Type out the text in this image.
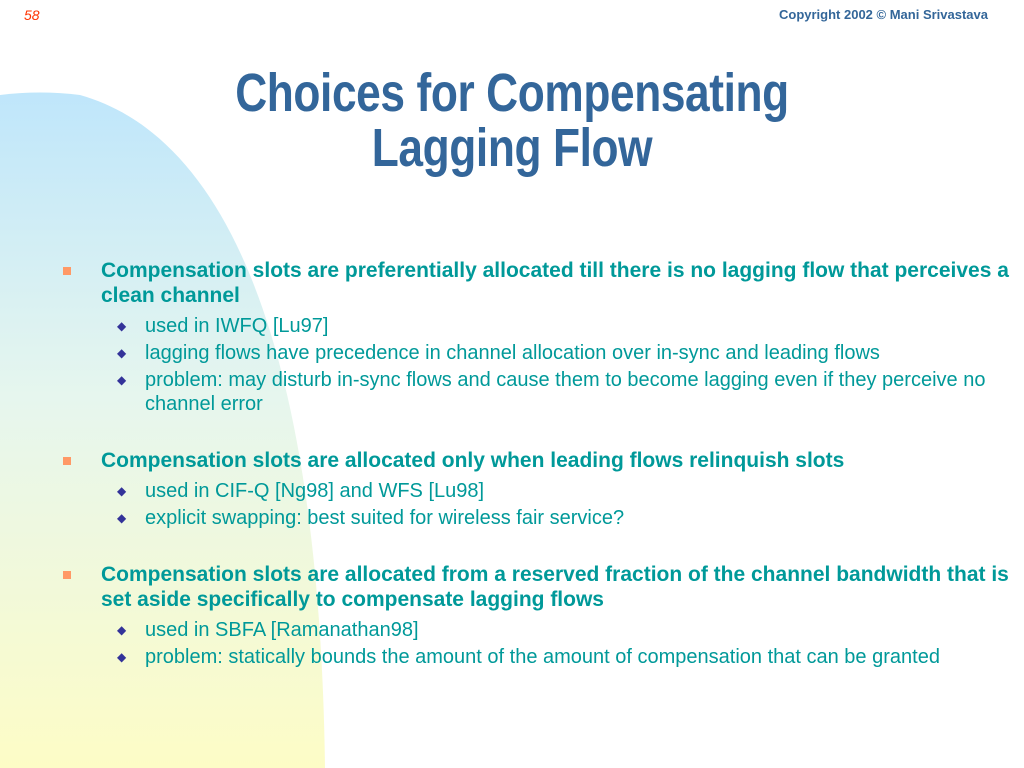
58	Copyright 2002 © Mani Srivastava
Choices for Compensating
Lagging Flow
Compensation slots are preferentially allocated till there is no lagging flow that perceives a clean channel
◆ used in IWFQ [Lu97]
◆ lagging flows have precedence in channel allocation over in-sync and leading flows
◆ problem: may disturb in-sync flows and cause them to become lagging even if they perceive no channel error
Compensation slots are allocated only when leading flows relinquish slots
◆ used in CIF-Q [Ng98] and WFS [Lu98]
◆ explicit swapping: best suited for wireless fair service?
Compensation slots are allocated from a reserved fraction of the channel bandwidth that is set aside specifically to compensate lagging flows
◆ used in SBFA [Ramanathan98]
◆ problem: statically bounds the amount of the amount of compensation that can be granted
